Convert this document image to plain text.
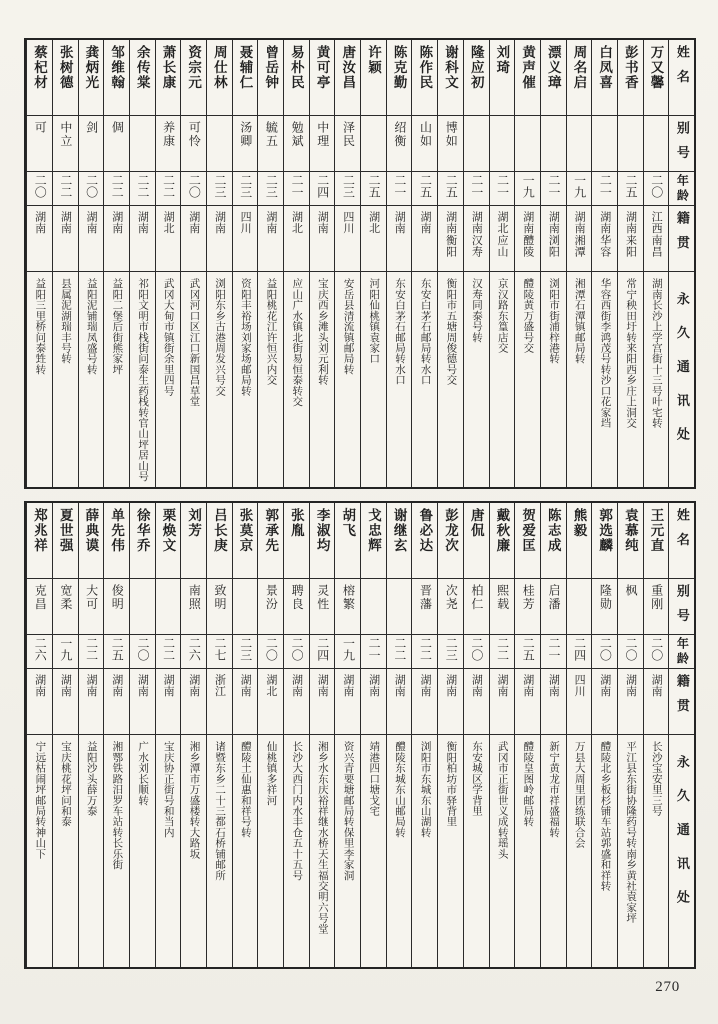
姓名
别号
年龄
籍贯
永久通讯处
万又馨
二〇
江西南昌
湖南长沙上学宫街十三号叶宅转
彭书香
二五
湖南来阳
常宁秧田圩转来阳西乡庄上洞交
白凤喜
二一
湖南华容
华容西街李鸿茂号转沙口花家垱
周名启
一九
湖南湘潭
湘潭石潭镇邮局转
漂义璋
二一
湖南浏阳
浏阳市街浦梓港转
黄声催
一九
湖南醴陵
醴陵黄万盛号交
刘琦
二一
湖北应山
京汉路东篁店交
隆应初
二一
湖南汉寿
汉寿同泰号转
谢科文
博如
二五
湖南衡阳
衡阳市五塘周俊德号交
陈作民
山如
二五
湖南
东安白茅石邮局转水口
陈克勤
绍衡
二一
湖南
东安白茅石邮局转水口
许颖
二五
湖北
河阳仙桃镇袁家口
唐汝昌
泽民
二三
四川
安岳县清流镇邮局转
黄可亭
中理
二四
湖南
宝庆西乡滩头刘元利转
易朴民
勉斌
二一
湖北
应山广水镇北街易恒泰转交
曾岳钟
毓五
二三
湖南
益阳桃花江许恒兴内交
聂辅仁
汤卿
二三
四川
资阳丰裕场刘家场邮局转
周仕林
二三
湖南
浏阳东乡古港周发兴号交
资宗元
可怜
二〇
湖南
武冈河口区江口新国昌草堂
萧长康
养康
二二
湖北
武冈大甸市镇街余里四号
余传棠
二二
湖南
祁阳文明市栈街问泰生药栈转官山坪居山号
邹维翰
倜
二二
湖南
益阳二堡后街熊家坪
龚炳光
剑
二〇
湖南
益阳泥铺瑞凤盛号转
张树德
中立
二二
湖南
县属泥湖瑞丰号转
蔡杞材
可
二〇
湖南
益阳三里桥问泰甡转
姓名
别号
年龄
籍贯
永久通讯处
王元直
重刚
二〇
湖南
长沙宝安里三号
袁慕纯
枫
二〇
湖南
平江县东街协隆药号转南乡黄社袁家坪
郭选麟
隆勋
二〇
湖南
醴陵北乡板杉铺车站郭盛和祥转
熊毅
二四
四川
万县大周里团练联合会
陈志成
启潘
二一
湖南
新宁黄龙市祥盛福转
贺爱匡
桂芳
二五
湖南
醴陵皇图岭邮局转
戴秋廉
熙载
二二
湖南
武冈市正街世义成转瑶头
唐侃
柏仁
二〇
湖南
东安城区学背里
彭龙次
次尧
二三
湖南
衡阳柏坊市驿背里
鲁必达
晋藩
二二
湖南
浏阳市东城东山湖转
谢继玄
二二
湖南
醴陵东城东山邮局转
戈忠辉
二一
湖南
靖港四口塘戈宅
胡飞
榕繁
一九
湖南
资兴青要塘邮局转保里李家洞
李淑均
灵性
二四
湖南
湘乡水东庆裕祥继水桥天生福交明六号堂
张胤
聘良
二〇
湖南
长沙大西门内水丰仓五十五号
郭承先
景汾
二〇
湖北
仙桃镇多祥河
张莫京
二三
湖南
醴陵土仙惠和祥号转
吕长庚
致明
二七
浙江
诸暨东乡二十三都石桥铺邮所
刘芳
南照
二六
湖南
湘乡潭市万盛楼转大路坂
栗焕文
二二
湖南
宝庆协正街号和当内
徐华乔
二〇
湖南
广水刘长顺转
单先伟
俊明
二五
湖南
湘鄂铁路汨罗车站转长乐街
薛典谟
大可
二二
湖南
益阳沙头薛万泰
夏世强
宽柔
一九
湖南
宝庆桃花坪问和泰
郑兆祥
克昌
二六
湖南
宁远枯闹坪邮局转神山下
270
